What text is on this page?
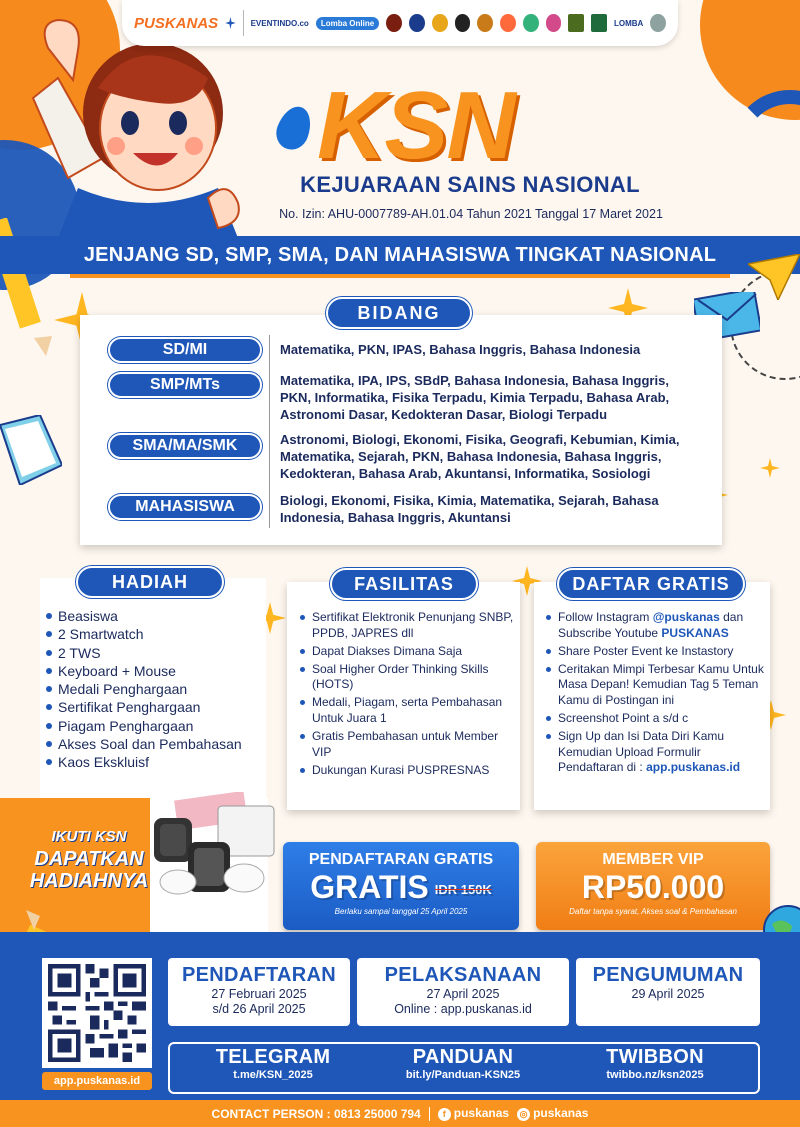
PUSKANAS	EVENTINDO.co	Lomba Online	LOMBA
KSN
KEJUARAAN SAINS NASIONAL
No. Izin: AHU-0007789-AH.01.04 Tahun 2021 Tanggal 17 Maret 2021
JENJANG SD, SMP, SMA, DAN MAHASISWA TINGKAT NASIONAL
BIDANG
SD/MI	Matematika, PKN, IPAS, Bahasa Inggris, Bahasa Indonesia
SMP/MTs	Matematika, IPA, IPS, SBdP, Bahasa Indonesia, Bahasa Inggris, PKN, Informatika, Fisika Terpadu, Kimia Terpadu, Bahasa Arab, Astronomi Dasar, Kedokteran Dasar, Biologi Terpadu
SMA/MA/SMK	Astronomi, Biologi, Ekonomi, Fisika, Geografi, Kebumian, Kimia, Matematika, Sejarah, PKN, Bahasa Indonesia, Bahasa Inggris, Kedokteran, Bahasa Arab, Akuntansi, Informatika, Sosiologi
MAHASISWA	Biologi, Ekonomi, Fisika, Kimia, Matematika, Sejarah, Bahasa Indonesia, Bahasa Inggris, Akuntansi
HADIAH
Beasiswa
2 Smartwatch
2 TWS
Keyboard + Mouse
Medali Penghargaan
Sertifikat Penghargaan
Piagam Penghargaan
Akses Soal dan Pembahasan
Kaos Ekskluisf
FASILITAS
Sertifikat Elektronik Penunjang SNBP, PPDB, JAPRES dll
Dapat Diakses Dimana Saja
Soal Higher Order Thinking Skills (HOTS)
Medali, Piagam, serta Pembahasan Untuk Juara 1
Gratis Pembahasan untuk Member VIP
Dukungan Kurasi PUSPRESNAS
DAFTAR GRATIS
Follow Instagram @puskanas dan Subscribe Youtube PUSKANAS
Share Poster Event ke Instastory
Ceritakan Mimpi Terbesar Kamu Untuk Masa Depan! Kemudian Tag 5 Teman Kamu di Postingan ini
Screenshot Point a s/d c
Sign Up dan Isi Data Diri Kamu Kemudian Upload Formulir Pendaftaran di : app.puskanas.id
IKUTI KSN
DAPATKAN
HADIAHNYA
PENDAFTARAN GRATIS
GRATIS IDR 150K
Berlaku sampai tanggal 25 April 2025
MEMBER VIP
RP50.000
Daftar tanpa syarat, Akses soal & Pembahasan
app.puskanas.id
PENDAFTARAN
27 Februari 2025
s/d 26 April 2025
PELAKSANAAN
27 April 2025
Online : app.puskanas.id
PENGUMUMAN
29 April 2025
TELEGRAM
t.me/KSN_2025
PANDUAN
bit.ly/Panduan-KSN25
TWIBBON
twibbo.nz/ksn2025
CONTACT PERSON : 0813 25000 794	f puskanas ◎ puskanas
